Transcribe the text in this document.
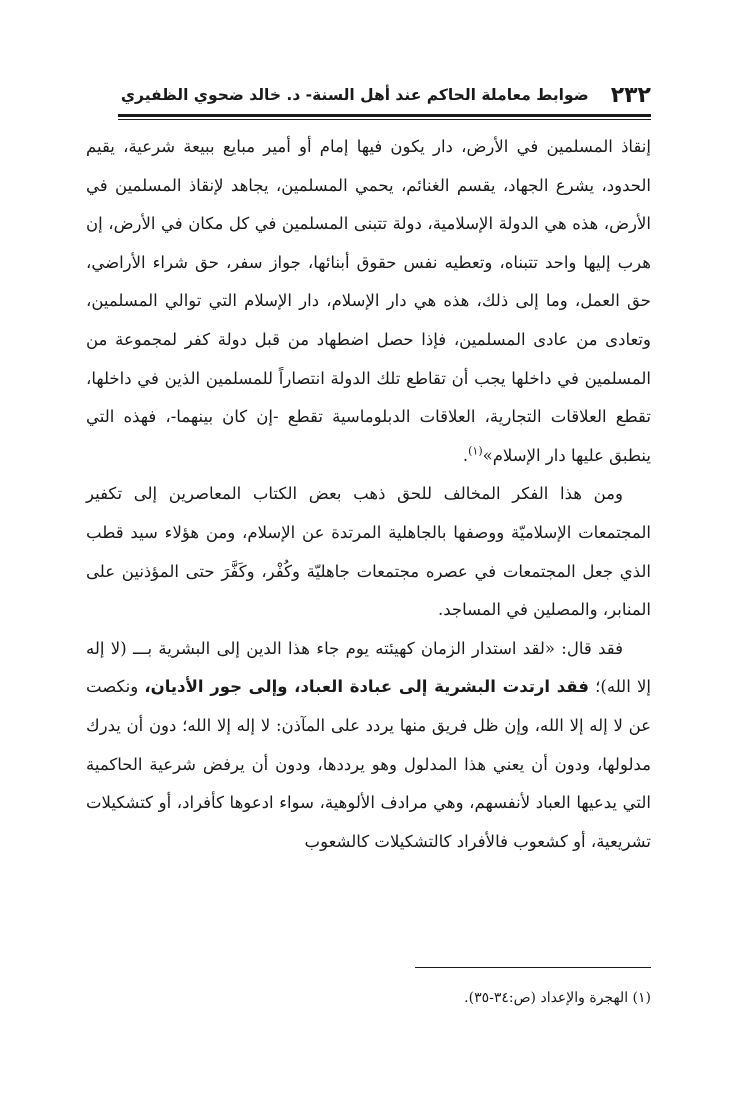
٢٣٢
ضوابط معاملة الحاكم عند أهل السنة- د. خالد ضحوي الظفيري

إنقاذ المسلمين في الأرض، دار يكون فيها إمام أو أمير مبايع ببيعة شرعية، يقيم الحدود، يشرع الجهاد، يقسم الغنائم، يحمي المسلمين، يجاهد لإنقاذ المسلمين في الأرض، هذه هي الدولة الإسلامية، دولة تتبنى المسلمين في كل مكان في الأرض، إن هرب إليها واحد تتبناه، وتعطيه نفس حقوق أبنائها، جواز سفر، حق شراء الأراضي، حق العمل، وما إلى ذلك، هذه هي دار الإسلام، دار الإسلام التي توالي المسلمين، وتعادى من عادى المسلمين، فإذا حصل اضطهاد من قبل دولة كفر لمجموعة من المسلمين في داخلها يجب أن تقاطع تلك الدولة انتصاراً للمسلمين الذين في داخلها، تقطع العلاقات التجارية، العلاقات الدبلوماسية تقطع -إن كان بينهما-، فهذه التي ينطبق عليها دار الإسلام»$^{(١)}$.

ومن هذا الفكر المخالف للحق ذهب بعض الكتاب المعاصرين إلى تكفير المجتمعات الإسلاميّة ووصفها بالجاهلية المرتدة عن الإسلام، ومن هؤلاء سيد قطب الذي جعل المجتمعات في عصره مجتمعات جاهليّة وكُفْر، وكَفَّرَ حتى المؤذنين على المنابر، والمصلين في المساجد.

فقد قال: «لقد استدار الزمان كهيئته يوم جاء هذا الدين إلى البشرية بـــ (لا إله إلا الله)؛ فقد ارتدت البشرية إلى عبادة العباد، وإلى جور الأديان، ونكصت عن لا إله إلا الله، وإن ظل فريق منها يردد على المآذن: لا إله إلا الله؛ دون أن يدرك مدلولها، ودون أن يعني هذا المدلول وهو يرددها، ودون أن يرفض شرعية الحاكمية التي يدعيها العباد لأنفسهم، وهي مرادف الألوهية، سواء ادعوها كأفراد، أو كتشكيلات تشريعية، أو كشعوب فالأفراد كالتشكيلات كالشعوب

(١) الهجرة والإعداد (ص:٣٤-٣٥).
